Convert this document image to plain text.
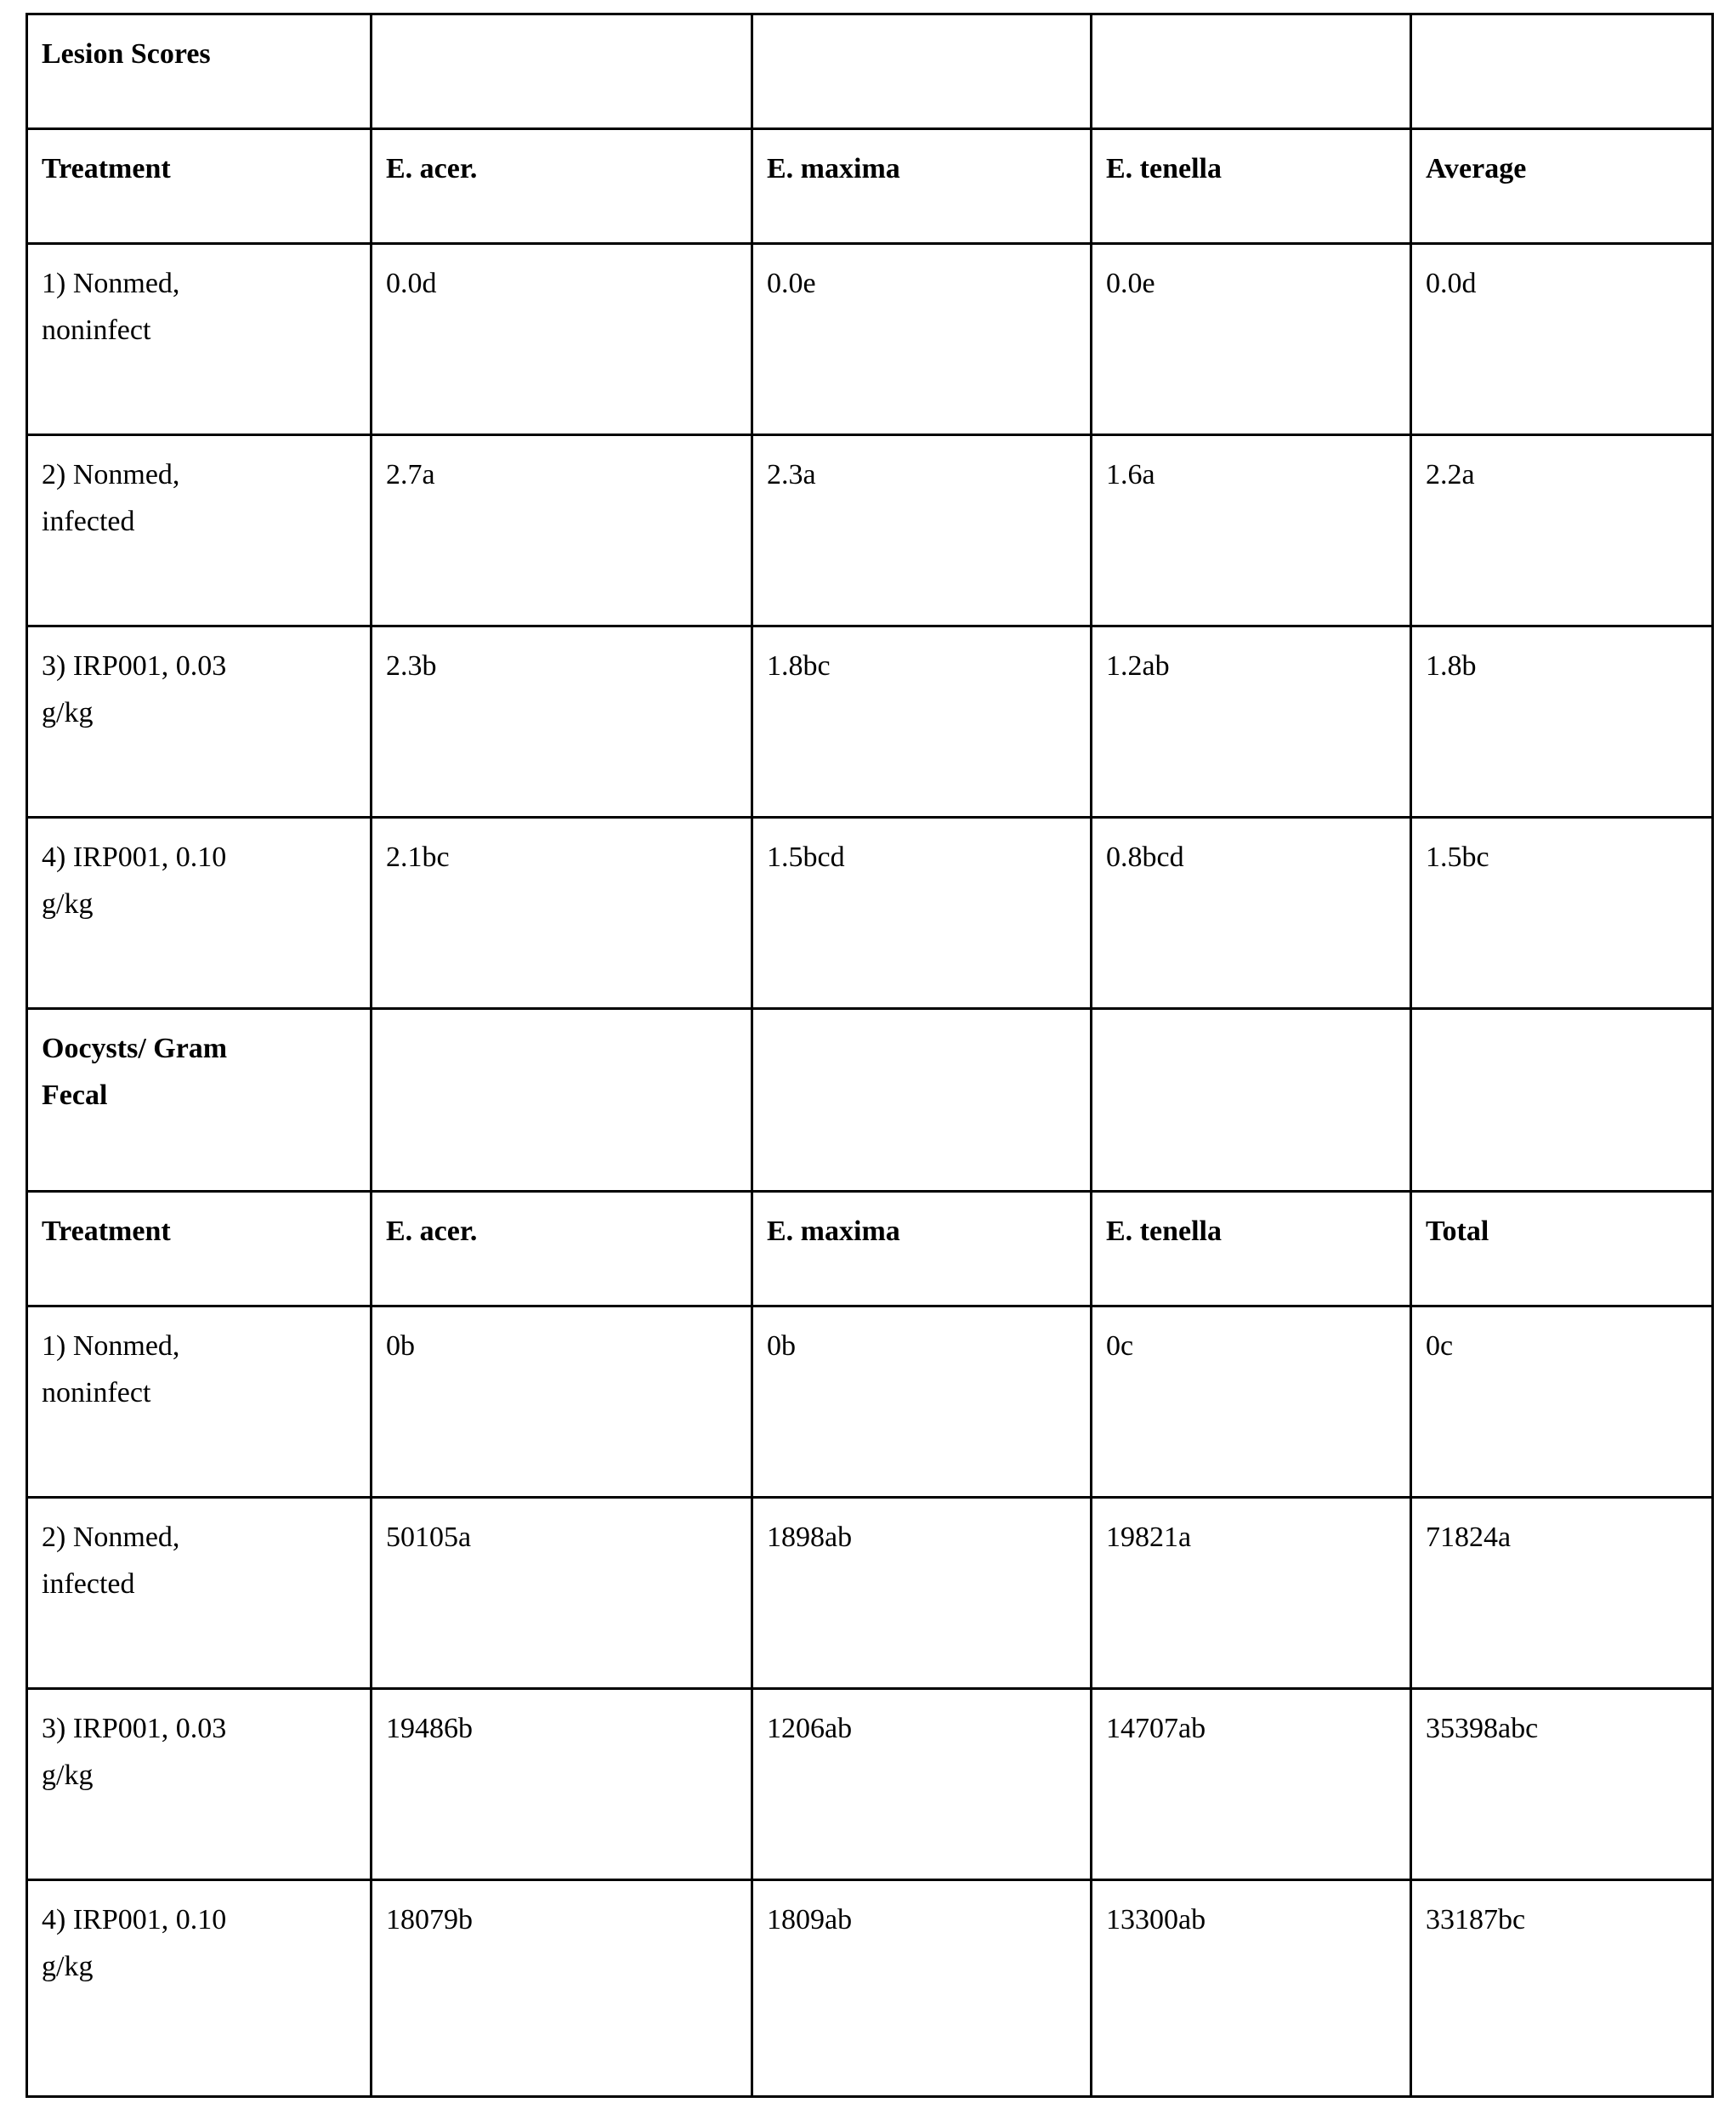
Lesion Scores				
Treatment	E. acer.	E. maxima	E. tenella	Average
1) Nonmed,
noninfect	0.0d	0.0e	0.0e	0.0d
2) Nonmed,
infected	2.7a	2.3a	1.6a	2.2a
3) IRP001, 0.03
g/kg	2.3b	1.8bc	1.2ab	1.8b
4) IRP001, 0.10
g/kg	2.1bc	1.5bcd	0.8bcd	1.5bc
Oocysts/ Gram
Fecal				
Treatment	E. acer.	E. maxima	E. tenella	Total
1) Nonmed,
noninfect	0b	0b	0c	0c
2) Nonmed,
infected	50105a	1898ab	19821a	71824a
3) IRP001, 0.03
g/kg	19486b	1206ab	14707ab	35398abc
4) IRP001, 0.10
g/kg	18079b	1809ab	13300ab	33187bc
